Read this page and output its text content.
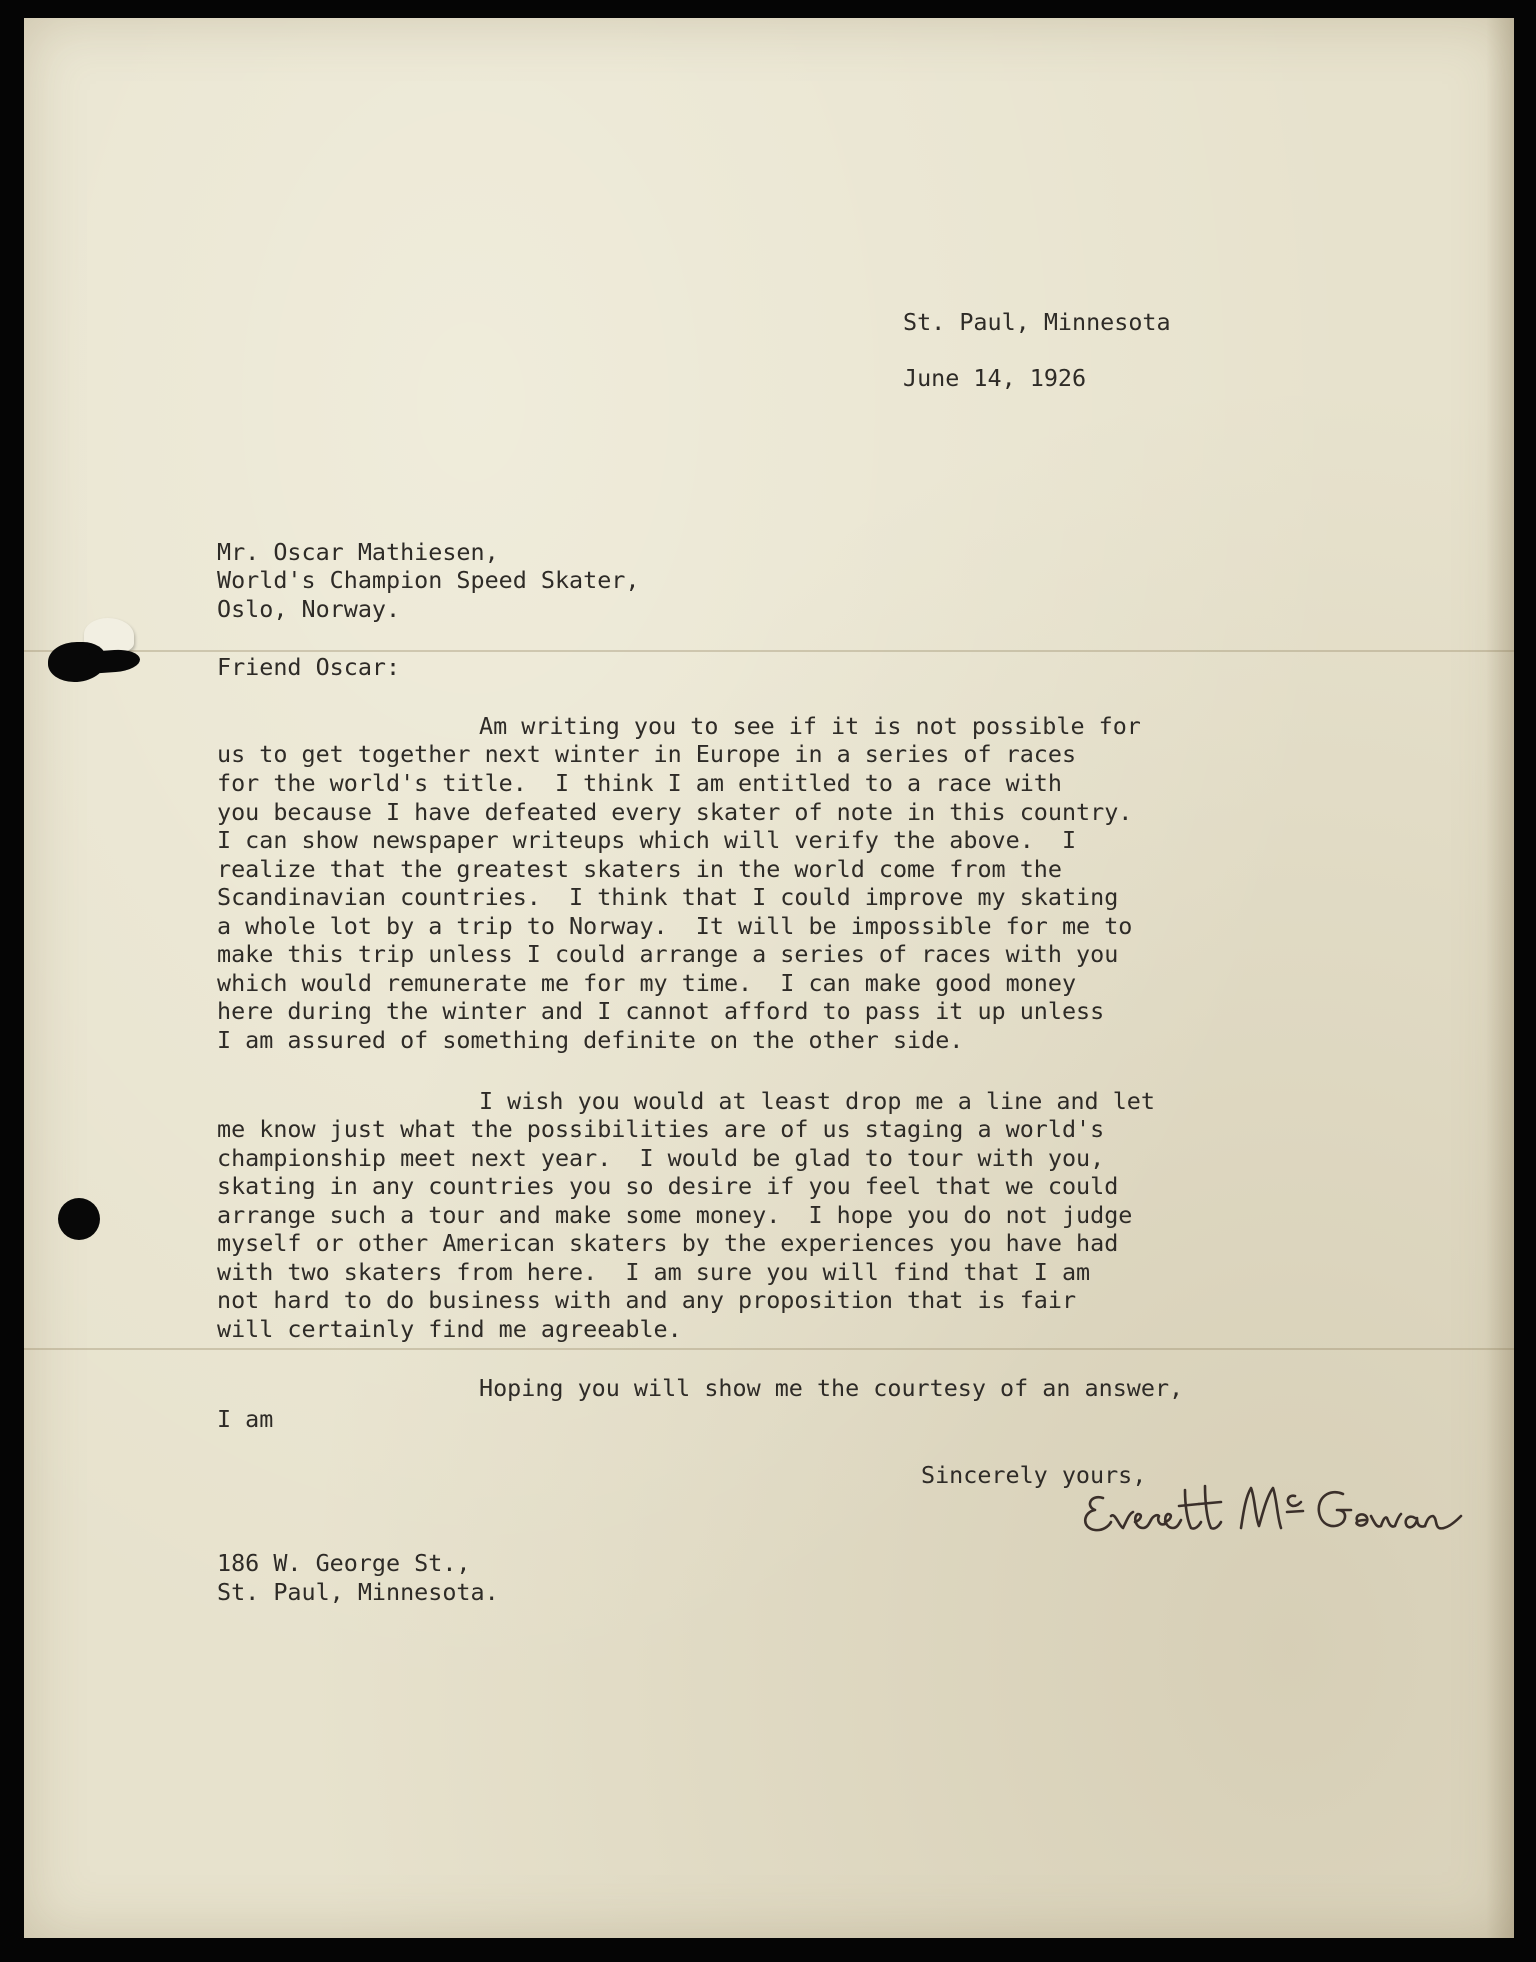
St. Paul, Minnesota
June 14, 1926
Mr. Oscar Mathiesen,
World's Champion Speed Skater,
Oslo, Norway.
Friend Oscar:
Am writing you to see if it is not possible for
us to get together next winter in Europe in a series of races
for the world's title.  I think I am entitled to a race with
you because I have defeated every skater of note in this country.
I can show newspaper writeups which will verify the above.  I
realize that the greatest skaters in the world come from the
Scandinavian countries.  I think that I could improve my skating
a whole lot by a trip to Norway.  It will be impossible for me to
make this trip unless I could arrange a series of races with you
which would remunerate me for my time.  I can make good money
here during the winter and I cannot afford to pass it up unless
I am assured of something definite on the other side.
I wish you would at least drop me a line and let
me know just what the possibilities are of us staging a world's
championship meet next year.  I would be glad to tour with you,
skating in any countries you so desire if you feel that we could
arrange such a tour and make some money.  I hope you do not judge
myself or other American skaters by the experiences you have had
with two skaters from here.  I am sure you will find that I am
not hard to do business with and any proposition that is fair
will certainly find me agreeable.
Hoping you will show me the courtesy of an answer,
I am
Sincerely yours,
186 W. George St.,
St. Paul, Minnesota.
